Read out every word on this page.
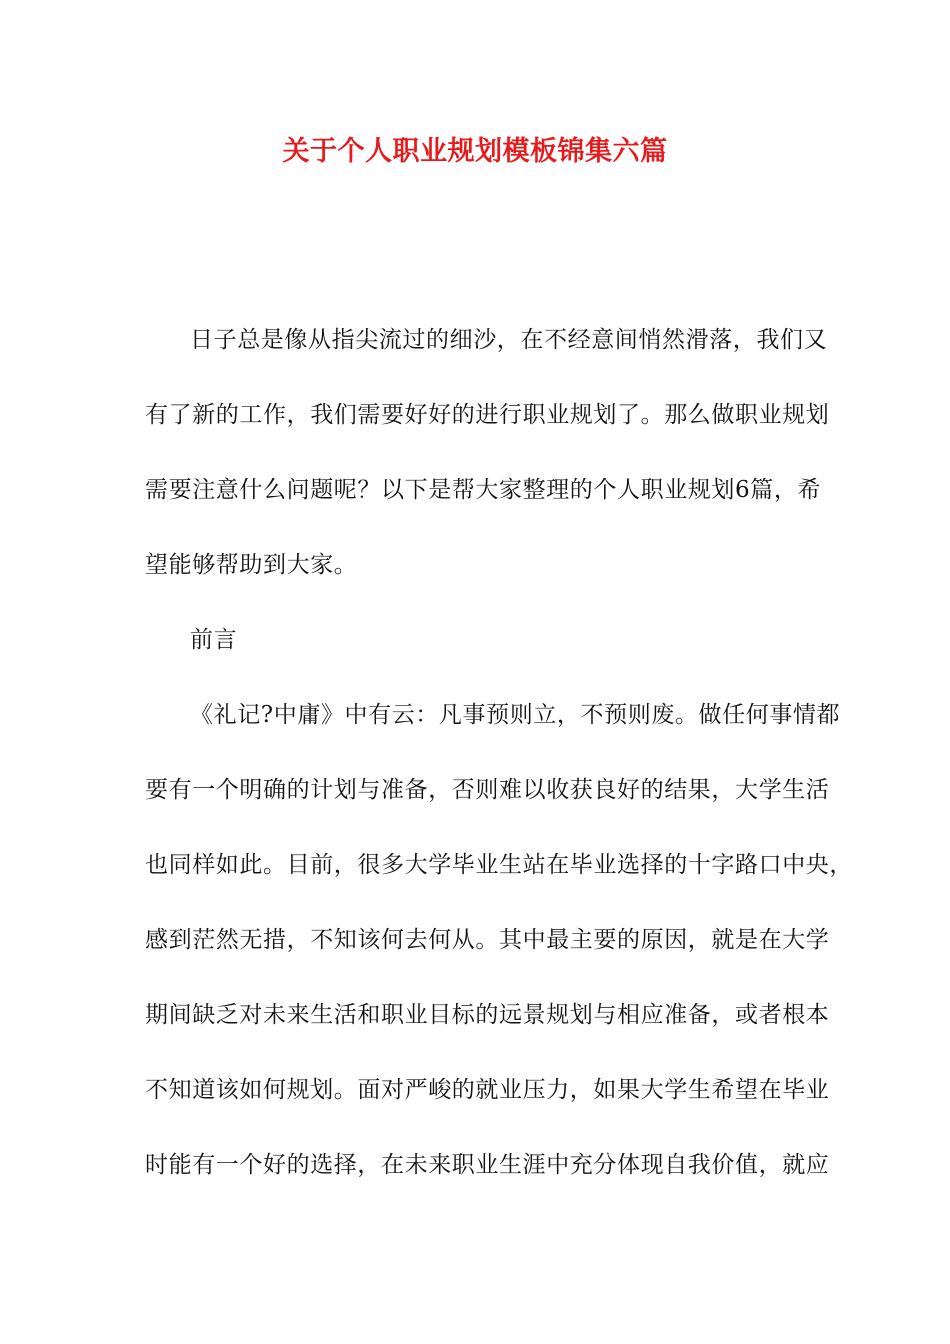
关于个人职业规划模板锦集六篇
日子总是像从指尖流过的细沙，在不经意间悄然滑落，我们又
有了新的工作，我们需要好好的进行职业规划了。那么做职业规划
需要注意什么问题呢？以下是帮大家整理的个人职业规划6篇，希
望能够帮助到大家。
前言
《礼记?中庸》中有云：凡事预则立，不预则废。做任何事情都
要有一个明确的计划与准备，否则难以收获良好的结果，大学生活
也同样如此。目前，很多大学毕业生站在毕业选择的十字路口中央，
感到茫然无措，不知该何去何从。其中最主要的原因，就是在大学
期间缺乏对未来生活和职业目标的远景规划与相应准备，或者根本
不知道该如何规划。面对严峻的就业压力，如果大学生希望在毕业
时能有一个好的选择，在未来职业生涯中充分体现自我价值，就应
